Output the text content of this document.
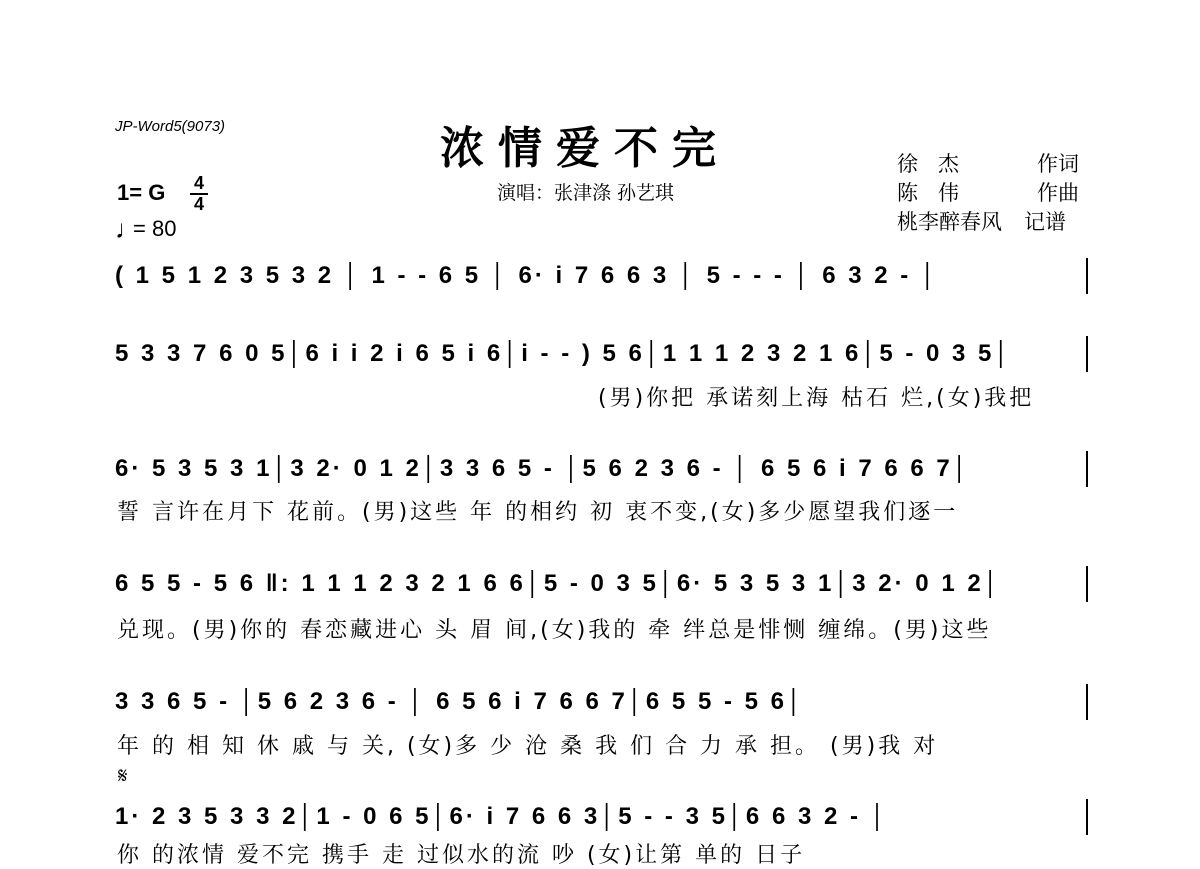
JP-Word5(9073)	浓情爱不完
演唱：张津涤 孙艺琪
1= G 4
4
♩
= 80
徐   杰	作词
陈   伟	作曲
桃李醉春风 记谱
( 1 5 1 2 3 5 3 2 │ 1 - - 6 5 │ 6· i 7 6 6 3 │ 5 - - - │ 6 3 2 - │
5 3 3 7 6 0 5│6 i i 2 i 6 5 i 6│i - - ) 5 6│1 1 1 2 3 2 1 6│5 - 0 3 5│
(男)你把 承诺刻上海 枯石 烂,(女)我把
6· 5 3 5 3 1│3 2· 0 1 2│3 3 6 5 - │5 6 2 3 6 - │ 6 5 6 i 7 6 6 7│
誓 言许在月下 花前。(男)这些 年 的相约 初 衷不变,(女)多少愿望我们逐一
6 5 5 - 5 6 ‖: 1 1 1 2 3 2 1 6 6│5 - 0 3 5│6· 5 3 5 3 1│3 2· 0 1 2│
兑现。(男)你的 春恋藏进心 头 眉 间,(女)我的 牵 绊总是悱恻 缠绵。(男)这些
3 3 6 5 - │5 6 2 3 6 - │ 6 5 6 i 7 6 6 7│6 5 5 - 5 6│
年 的 相 知 休 戚 与 关, (女)多 少 沧 桑 我 们 合 力 承 担。 (男)我 对
𝄋
1· 2 3 5 3 3 2│1 - 0 6 5│6· i 7 6 6 3│5 - - 3 5│6 6 3 2 - │
你 的浓情 爱不完 携手 走 过似水的流 吵 (女)让第 单的 日子
